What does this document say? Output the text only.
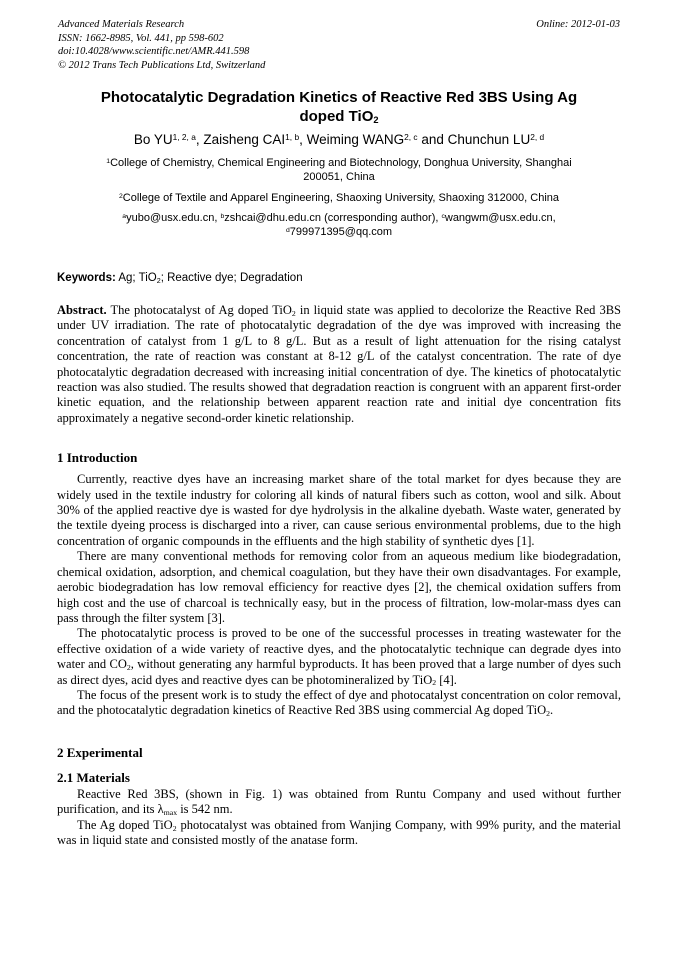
Advanced Materials Research
ISSN: 1662-8985, Vol. 441, pp 598-602
doi:10.4028/www.scientific.net/AMR.441.598
© 2012 Trans Tech Publications Ltd, Switzerland
Online: 2012-01-03
Photocatalytic Degradation Kinetics of Reactive Red 3BS Using Ag
doped TiO2
Bo YU$^{1, 2, a}$, Zaisheng CAI$^{1, b}$, Weiming WANG$^{2, c}$ and Chunchun LU$^{2, d}$
$^1$College of Chemistry, Chemical Engineering and Biotechnology, Donghua University, Shanghai 200051, China
$^2$College of Textile and Apparel Engineering, Shaoxing University, Shaoxing 312000, China
$^a$yubo@usx.edu.cn, $^b$zshcai@dhu.edu.cn (corresponding author), $^c$wangwm@usx.edu.cn, $^d$799971395@qq.com
Keywords: Ag; TiO2; Reactive dye; Degradation

Abstract. The photocatalyst of Ag doped TiO2 in liquid state was applied to decolorize the Reactive Red 3BS under UV irradiation. The rate of photocatalytic degradation of the dye was improved with increasing the concentration of catalyst from 1 g/L to 8 g/L. But as a result of light attenuation for the rising catalyst concentration, the rate of reaction was constant at 8-12 g/L of the catalyst concentration. The rate of dye photocatalytic degradation decreased with increasing initial concentration of dye. The kinetics of photocatalytic reaction was also studied. The results showed that degradation reaction is congruent with an apparent first-order kinetic equation, and the relationship between apparent reaction rate and initial dye concentration fits approximately a negative second-order kinetic relationship.

1 Introduction

Currently, reactive dyes have an increasing market share of the total market for dyes because they are widely used in the textile industry for coloring all kinds of natural fibers such as cotton, wool and silk. About 30% of the applied reactive dye is wasted for dye hydrolysis in the alkaline dyebath. Waste water, generated by the textile dyeing process is discharged into a river, can cause serious environmental problems, due to the high concentration of organic compounds in the effluents and the high stability of synthetic dyes [1].

There are many conventional methods for removing color from an aqueous medium like biodegradation, chemical oxidation, adsorption, and chemical coagulation, but they have their own disadvantages. For example, aerobic biodegradation has low removal efficiency for reactive dyes [2], the chemical oxidation suffers from high cost and the use of charcoal is technically easy, but in the process of filtration, low-molar-mass dyes can pass through the filter system [3].

The photocatalytic process is proved to be one of the successful processes in treating wastewater for the effective oxidation of a wide variety of reactive dyes, and the photocatalytic technique can degrade dyes into water and CO2, without generating any harmful byproducts. It has been proved that a large number of dyes such as direct dyes, acid dyes and reactive dyes can be photomineralized by TiO2 [4].

The focus of the present work is to study the effect of dye and photocatalyst concentration on color removal, and the photocatalytic degradation kinetics of Reactive Red 3BS using commercial Ag doped TiO2.

2 Experimental
2.1 Materials

Reactive Red 3BS, (shown in Fig. 1) was obtained from Runtu Company and used without further purification, and its λmax is 542 nm.

The Ag doped TiO2 photocatalyst was obtained from Wanjing Company, with 99% purity, and the material was in liquid state and consisted mostly of the anatase form.
